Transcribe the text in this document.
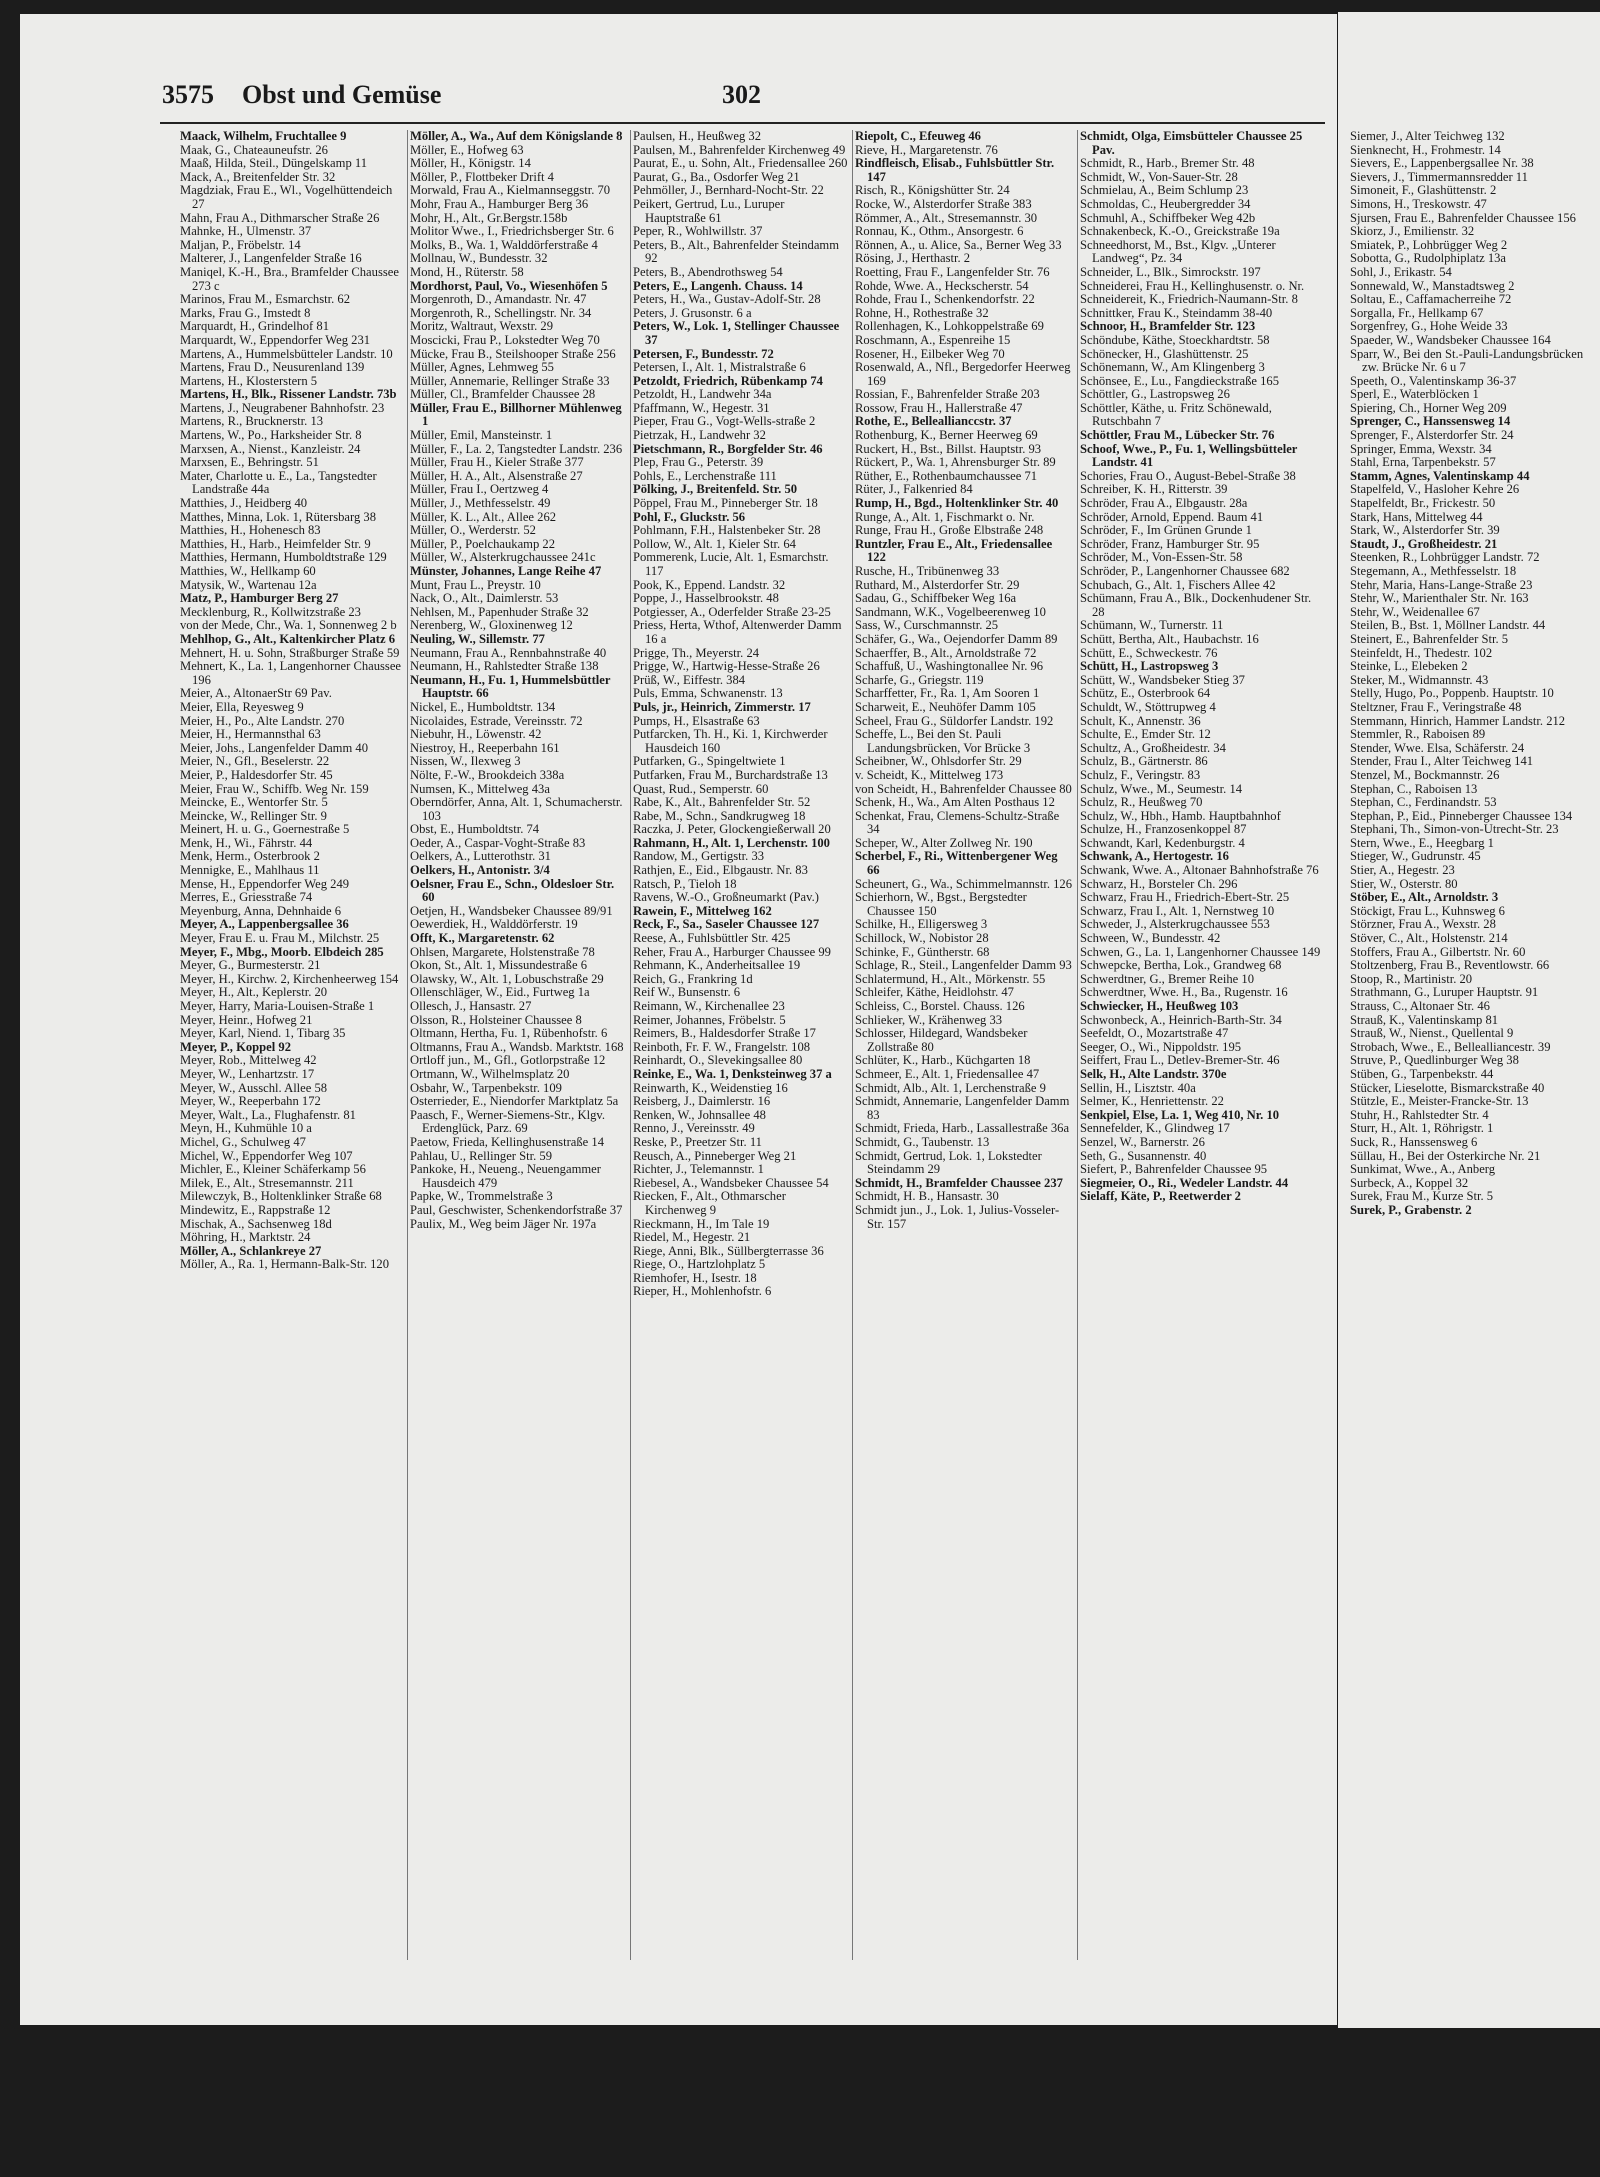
3575 Obst und Gemüse	302

Maack, Wilhelm, Fruchtallee 9

Maak, G., Chateauneufstr. 26

Maaß, Hilda, Steil., Düngelskamp 11

Mack, A., Breitenfelder Str. 32

Magdziak, Frau E., Wl., Vogelhüttendeich 27

Mahn, Frau A., Dithmarscher Straße 26

Mahnke, H., Ulmenstr. 37

Maljan, P., Fröbelstr. 14

Malterer, J., Langenfelder Straße 16

Maniqel, K.-H., Bra., Bramfelder Chaussee 273 c

Marinos, Frau M., Esmarchstr. 62

Marks, Frau G., Imstedt 8

Marquardt, H., Grindelhof 81

Marquardt, W., Eppendorfer Weg 231

Martens, A., Hummelsbütteler Landstr. 10

Martens, Frau D., Neusurenland 139

Martens, H., Klosterstern 5

Martens, H., Blk., Rissener Landstr. 73b

Martens, J., Neugrabener Bahnhofstr. 23

Martens, R., Brucknerstr. 13

Martens, W., Po., Harksheider Str. 8

Marxsen, A., Nienst., Kanzleistr. 24

Marxsen, E., Behringstr. 51

Mater, Charlotte u. E., La., Tangstedter Landstraße 44a

Matthies, J., Heidberg 40

Matthes, Minna, Lok. 1, Rütersbarg 38

Matthies, H., Hohenesch 83

Matthies, H., Harb., Heimfelder Str. 9

Matthies, Hermann, Humboldtstraße 129

Matthies, W., Hellkamp 60

Matysik, W., Wartenau 12a

Matz, P., Hamburger Berg 27

Mecklenburg, R., Kollwitzstraße 23

von der Mede, Chr., Wa. 1, Sonnenweg 2 b

Mehlhop, G., Alt., Kaltenkircher Platz 6

Mehnert, H. u. Sohn, Straßburger Straße 59

Mehnert, K., La. 1, Langenhorner Chaussee 196

Meier, A., AltonaerStr 69 Pav.

Meier, Ella, Reyesweg 9

Meier, H., Po., Alte Landstr. 270

Meier, H., Hermannsthal 63

Meier, Johs., Langenfelder Damm 40

Meier, N., Gfl., Beselerstr. 22

Meier, P., Haldesdorfer Str. 45

Meier, Frau W., Schiffb. Weg Nr. 159

Meincke, E., Wentorfer Str. 5

Meincke, W., Rellinger Str. 9

Meinert, H. u. G., Goernestraße 5

Menk, H., Wi., Fährstr. 44

Menk, Herm., Osterbrook 2

Mennigke, E., Mahlhaus 11

Mense, H., Eppendorfer Weg 249

Merres, E., Griesstraße 74

Meyenburg, Anna, Dehnhaide 6

Meyer, A., Lappenbergsallee 36

Meyer, Frau E. u. Frau M., Milchstr. 25

Meyer, F., Mbg., Moorb. Elbdeich 285

Meyer, G., Burmesterstr. 21

Meyer, H., Kirchw. 2, Kirchenheerweg 154

Meyer, H., Alt., Keplerstr. 20

Meyer, Harry, Maria-Louisen-Straße 1

Meyer, Heinr., Hofweg 21

Meyer, Karl, Niend. 1, Tibarg 35

Meyer, P., Koppel 92

Meyer, Rob., Mittelweg 42

Meyer, W., Lenhartzstr. 17

Meyer, W., Ausschl. Allee 58

Meyer, W., Reeperbahn 172

Meyer, Walt., La., Flughafenstr. 81

Meyn, H., Kuhmühle 10 a

Michel, G., Schulweg 47

Michel, W., Eppendorfer Weg 107

Michler, E., Kleiner Schäferkamp 56

Milek, E., Alt., Stresemannstr. 211

Milewczyk, B., Holtenklinker Straße 68

Mindewitz, E., Rappstraße 12

Mischak, A., Sachsenweg 18d

Möhring, H., Marktstr. 24

Möller, A., Schlankreye 27

Möller, A., Ra. 1, Hermann-Balk-Str. 120

Möller, A., Wa., Auf dem Königslande 8

Möller, E., Hofweg 63

Möller, H., Königstr. 14

Möller, P., Flottbeker Drift 4

Morwald, Frau A., Kielmannseggstr. 70

Mohr, Frau A., Hamburger Berg 36

Mohr, H., Alt., Gr.Bergstr.158b

Molitor Wwe., I., Friedrichsberger Str. 6

Molks, B., Wa. 1, Walddörferstraße 4

Mollnau, W., Bundesstr. 32

Mond, H., Rüterstr. 58

Mordhorst, Paul, Vo., Wiesenhöfen 5

Morgenroth, D., Amandastr. Nr. 47

Morgenroth, R., Schellingstr. Nr. 34

Moritz, Waltraut, Wexstr. 29

Moscicki, Frau P., Lokstedter Weg 70

Mücke, Frau B., Steilshooper Straße 256

Müller, Agnes, Lehmweg 55

Müller, Annemarie, Rellinger Straße 33

Müller, Cl., Bramfelder Chaussee 28

Müller, Frau E., Billhorner Mühlenweg 1

Müller, Emil, Mansteinstr. 1

Müller, F., La. 2, Tangstedter Landstr. 236

Müller, Frau H., Kieler Straße 377

Müller, H. A., Alt., Alsenstraße 27

Müller, Frau I., Oertzweg 4

Müller, J., Methfesselstr. 49

Müller, K. L., Alt., Allee 262

Müller, O., Werderstr. 52

Müller, P., Poelchaukamp 22

Müller, W., Alsterkrugchaussee 241c

Münster, Johannes, Lange Reihe 47

Munt, Frau L., Preystr. 10

Nack, O., Alt., Daimlerstr. 53

Nehlsen, M., Papenhuder Straße 32

Nerenberg, W., Gloxinenweg 12

Neuling, W., Sillemstr. 77

Neumann, Frau A., Rennbahnstraße 40

Neumann, H., Rahlstedter Straße 138

Neumann, H., Fu. 1, Hummelsbüttler Hauptstr. 66

Nickel, E., Humboldtstr. 134

Nicolaides, Estrade, Vereinsstr. 72

Niebuhr, H., Löwenstr. 42

Niestroy, H., Reeperbahn 161

Nissen, W., Ilexweg 3

Nölte, F.-W., Brookdeich 338a

Numsen, K., Mittelweg 43a

Oberndörfer, Anna, Alt. 1, Schumacherstr. 103

Obst, E., Humboldtstr. 74

Oeder, A., Caspar-Voght-Straße 83

Oelkers, A., Lutterothstr. 31

Oelkers, H., Antonistr. 3/4

Oelsner, Frau E., Schn., Oldesloer Str. 60

Oetjen, H., Wandsbeker Chaussee 89/91

Oewerdiek, H., Walddörferstr. 19

Offt, K., Margaretenstr. 62

Ohlsen, Margarete, Holstenstraße 78

Okon, St., Alt. 1, Missundestraße 6

Olawsky, W., Alt. 1, Lobuschstraße 29

Ollenschläger, W., Eid., Furtweg 1a

Ollesch, J., Hansastr. 27

Olsson, R., Holsteiner Chaussee 8

Oltmann, Hertha, Fu. 1, Rübenhofstr. 6

Oltmanns, Frau A., Wandsb. Marktstr. 168

Ortloff jun., M., Gfl., Gotlorpstraße 12

Ortmann, W., Wilhelmsplatz 20

Osbahr, W., Tarpenbekstr. 109

Osterrieder, E., Niendorfer Marktplatz 5a

Paasch, F., Werner-Siemens-Str., Klgv. Erdenglück, Parz. 69

Paetow, Frieda, Kellinghusenstraße 14

Pahlau, U., Rellinger Str. 59

Pankoke, H., Neueng., Neuengammer Hausdeich 479

Papke, W., Trommelstraße 3

Paul, Geschwister, Schenkendorfstraße 37

Paulix, M., Weg beim Jäger Nr. 197a

Paulsen, H., Heußweg 32

Paulsen, M., Bahrenfelder Kirchenweg 49

Paurat, E., u. Sohn, Alt., Friedensallee 260

Paurat, G., Ba., Osdorfer Weg 21

Pehmöller, J., Bernhard-Nocht-Str. 22

Peikert, Gertrud, Lu., Luruper Hauptstraße 61

Peper, R., Wohlwillstr. 37

Peters, B., Alt., Bahrenfelder Steindamm 92

Peters, B., Abendrothsweg 54

Peters, E., Langenh. Chauss. 14

Peters, H., Wa., Gustav-Adolf-Str. 28

Peters, J. Grusonstr. 6 a

Peters, W., Lok. 1, Stellinger Chaussee 37

Petersen, F., Bundesstr. 72

Petersen, I., Alt. 1, Mistralstraße 6

Petzoldt, Friedrich, Rübenkamp 74

Petzoldt, H., Landwehr 34a

Pfaffmann, W., Hegestr. 31

Pieper, Frau G., Vogt-Wells-straße 2

Pietrzak, H., Landwehr 32

Pietschmann, R., Borgfelder Str. 46

Plep, Frau G., Peterstr. 39

Pohls, E., Lerchenstraße 111

Pölking, J., Breitenfeld. Str. 50

Pöppel, Frau M., Pinneberger Str. 18

Pohl, F., Gluckstr. 56

Pohlmann, F.H., Halstenbeker Str. 28

Pollow, W., Alt. 1, Kieler Str. 64

Pommerenk, Lucie, Alt. 1, Esmarchstr. 117

Pook, K., Eppend. Landstr. 32

Poppe, J., Hasselbrookstr. 48

Potgiesser, A., Oderfelder Straße 23-25

Priess, Herta, Wthof, Altenwerder Damm 16 a

Prigge, Th., Meyerstr. 24

Prigge, W., Hartwig-Hesse-Straße 26

Prüß, W., Eiffestr. 384

Puls, Emma, Schwanenstr. 13

Puls, jr., Heinrich, Zimmerstr. 17

Pumps, H., Elsastraße 63

Putfarcken, Th. H., Ki. 1, Kirchwerder Hausdeich 160

Putfarken, G., Spingeltwiete 1

Putfarken, Frau M., Burchardstraße 13

Quast, Rud., Semperstr. 60

Rabe, K., Alt., Bahrenfelder Str. 52

Rabe, M., Schn., Sandkrugweg 18

Raczka, J. Peter, Glockengießerwall 20

Rahmann, H., Alt. 1, Lerchenstr. 100

Randow, M., Gertigstr. 33

Rathjen, E., Eid., Elbgaustr. Nr. 83

Ratsch, P., Tieloh 18

Ravens, W.-O., Großneumarkt (Pav.)

Rawein, F., Mittelweg 162

Reck, F., Sa., Saseler Chaussee 127

Reese, A., Fuhlsbüttler Str. 425

Reher, Frau A., Harburger Chaussee 99

Rehmann, K., Anderheitsallee 19

Reich, G., Frankring 1d

Reif W., Bunsenstr. 6

Reimann, W., Kirchenallee 23

Reimer, Johannes, Fröbelstr. 5

Reimers, B., Haldesdorfer Straße 17

Reinboth, Fr. F. W., Frangelstr. 108

Reinhardt, O., Slevekingsallee 80

Reinke, E., Wa. 1, Denksteinweg 37 a

Reinwarth, K., Weidenstieg 16

Reisberg, J., Daimlerstr. 16

Renken, W., Johnsallee 48

Renno, J., Vereinsstr. 49

Reske, P., Preetzer Str. 11

Reusch, A., Pinneberger Weg 21

Richter, J., Telemannstr. 1

Riebesel, A., Wandsbeker Chaussee 54

Riecken, F., Alt., Othmarscher Kirchenweg 9

Rieckmann, H., Im Tale 19

Riedel, M., Hegestr. 21

Riege, Anni, Blk., Süllbergterrasse 36

Riege, O., Hartzlohplatz 5

Riemhofer, H., Isestr. 18

Rieper, H., Mohlenhofstr. 6

Riepolt, C., Efeuweg 46

Rieve, H., Margaretenstr. 76

Rindfleisch, Elisab., Fuhlsbüttler Str. 147

Risch, R., Königshütter Str. 24

Rocke, W., Alsterdorfer Straße 383

Römmer, A., Alt., Stresemannstr. 30

Ronnau, K., Othm., Ansorgestr. 6

Rönnen, A., u. Alice, Sa., Berner Weg 33

Rösing, J., Herthastr. 2

Roetting, Frau F., Langenfelder Str. 76

Rohde, Wwe. A., Heckscherstr. 54

Rohde, Frau I., Schenkendorfstr. 22

Rohne, H., Rothestraße 32

Rollenhagen, K., Lohkoppelstraße 69

Roschmann, A., Espenreihe 15

Rosener, H., Eilbeker Weg 70

Rosenwald, A., Nfl., Bergedorfer Heerweg 169

Rossian, F., Bahrenfelder Straße 203

Rossow, Frau H., Hallerstraße 47

Rothe, E., Belleallianccstr. 37

Rothenburg, K., Berner Heerweg 69

Ruckert, H., Bst., Billst. Hauptstr. 93

Rückert, P., Wa. 1, Ahrensburger Str. 89

Rüther, E., Rothenbaumchaussee 71

Rüter, J., Falkenried 84

Rump, H., Bgd., Holtenklinker Str. 40

Runge, A., Alt. 1, Fischmarkt o. Nr.

Runge, Frau H., Große Elbstraße 248

Runtzler, Frau E., Alt., Friedensallee 122

Rusche, H., Tribünenweg 33

Ruthard, M., Alsterdorfer Str. 29

Sadau, G., Schiffbeker Weg 16a

Sandmann, W.K., Vogelbeerenweg 10

Sass, W., Curschmannstr. 25

Schäfer, G., Wa., Oejendorfer Damm 89

Schaerffer, B., Alt., Arnoldstraße 72

Schaffuß, U., Washingtonallee Nr. 96

Scharfe, G., Griegstr. 119

Scharffetter, Fr., Ra. 1, Am Sooren 1

Scharweit, E., Neuhöfer Damm 105

Scheel, Frau G., Süldorfer Landstr. 192

Scheffe, L., Bei den St. Pauli Landungsbrücken, Vor Brücke 3

Scheibner, W., Ohlsdorfer Str. 29

v. Scheidt, K., Mittelweg 173

von Scheidt, H., Bahrenfelder Chaussee 80

Schenk, H., Wa., Am Alten Posthaus 12

Schenkat, Frau, Clemens-Schultz-Straße 34

Scheper, W., Alter Zollweg Nr. 190

Scherbel, F., Ri., Wittenbergener Weg 66

Scheunert, G., Wa., Schimmelmannstr. 126

Schierhorn, W., Bgst., Bergstedter Chaussee 150

Schilke, H., Elligersweg 3

Schillock, W., Nobistor 28

Schinke, F., Güntherstr. 68

Schlage, R., Steil., Langenfelder Damm 93

Schlatermund, H., Alt., Mörkenstr. 55

Schleifer, Käthe, Heidlohstr. 47

Schleiss, C., Borstel. Chauss. 126

Schlieker, W., Krähenweg 33

Schlosser, Hildegard, Wandsbeker Zollstraße 80

Schlüter, K., Harb., Küchgarten 18

Schmeer, E., Alt. 1, Friedensallee 47

Schmidt, Alb., Alt. 1, Lerchenstraße 9

Schmidt, Annemarie, Langenfelder Damm 83

Schmidt, Frieda, Harb., Lassallestraße 36a

Schmidt, G., Taubenstr. 13

Schmidt, Gertrud, Lok. 1, Lokstedter Steindamm 29

Schmidt, H., Bramfelder Chaussee 237

Schmidt, H. B., Hansastr. 30

Schmidt jun., J., Lok. 1, Julius-Vosseler-Str. 157

Schmidt, Olga, Eimsbütteler Chaussee 25 Pav.

Schmidt, R., Harb., Bremer Str. 48

Schmidt, W., Von-Sauer-Str. 28

Schmielau, A., Beim Schlump 23

Schmoldas, C., Heubergredder 34

Schmuhl, A., Schiffbeker Weg 42b

Schnakenbeck, K.-O., Greickstraße 19a

Schneedhorst, M., Bst., Klgv. „Unterer Landweg“, Pz. 34

Schneider, L., Blk., Simrockstr. 197

Schneiderei, Frau H., Kellinghusenstr. o. Nr.

Schneidereit, K., Friedrich-Naumann-Str. 8

Schnittker, Frau K., Steindamm 38-40

Schnoor, H., Bramfelder Str. 123

Schöndube, Käthe, Stoeckhardtstr. 58

Schönecker, H., Glashüttenstr. 25

Schönemann, W., Am Klingenberg 3

Schönsee, E., Lu., Fangdieckstraße 165

Schöttler, G., Lastropsweg 26

Schöttler, Käthe, u. Fritz Schönewald, Rutschbahn 7

Schöttler, Frau M., Lübecker Str. 76

Schoof, Wwe., P., Fu. 1, Wellingsbütteler Landstr. 41

Schories, Frau O., August-Bebel-Straße 38

Schreiber, K. H., Ritterstr. 39

Schröder, Frau A., Elbgaustr. 28a

Schröder, Arnold, Eppend. Baum 41

Schröder, F., Im Grünen Grunde 1

Schröder, Franz, Hamburger Str. 95

Schröder, M., Von-Essen-Str. 58

Schröder, P., Langenhorner Chaussee 682

Schubach, G., Alt. 1, Fischers Allee 42

Schümann, Frau A., Blk., Dockenhudener Str. 28

Schümann, W., Turnerstr. 11

Schütt, Bertha, Alt., Haubachstr. 16

Schütt, E., Schweckestr. 76

Schütt, H., Lastropsweg 3

Schütt, W., Wandsbeker Stieg 37

Schütz, E., Osterbrook 64

Schuldt, W., Stöttrupweg 4

Schult, K., Annenstr. 36

Schulte, E., Emder Str. 12

Schultz, A., Großheidestr. 34

Schulz, B., Gärtnerstr. 86

Schulz, F., Veringstr. 83

Schulz, Wwe., M., Seumestr. 14

Schulz, R., Heußweg 70

Schulz, W., Hbh., Hamb. Hauptbahnhof

Schulze, H., Franzosenkoppel 87

Schwandt, Karl, Kedenburgstr. 4

Schwank, A., Hertogestr. 16

Schwank, Wwe. A., Altonaer Bahnhofstraße 76

Schwarz, H., Borsteler Ch. 296

Schwarz, Frau H., Friedrich-Ebert-Str. 25

Schwarz, Frau I., Alt. 1, Nernstweg 10

Schweder, J., Alsterkrugchaussee 553

Schween, W., Bundesstr. 42

Schwen, G., La. 1, Langenhorner Chaussee 149

Schwepcke, Bertha, Lok., Grandweg 68

Schwerdtner, G., Bremer Reihe 10

Schwerdtner, Wwe. H., Ba., Rugenstr. 16

Schwiecker, H., Heußweg 103

Schwonbeck, A., Heinrich-Barth-Str. 34

Seefeldt, O., Mozartstraße 47

Seeger, O., Wi., Nippoldstr. 195

Seiffert, Frau L., Detlev-Bremer-Str. 46

Selk, H., Alte Landstr. 370e

Sellin, H., Lisztstr. 40a

Selmer, K., Henriettenstr. 22

Senkpiel, Else, La. 1, Weg 410, Nr. 10

Sennefelder, K., Glindweg 17

Senzel, W., Barnerstr. 26

Seth, G., Susannenstr. 40

Siefert, P., Bahrenfelder Chaussee 95

Siegmeier, O., Ri., Wedeler Landstr. 44

Sielaff, Käte, P., Reetwerder 2

Siemer, J., Alter Teichweg 132

Sienknecht, H., Frohmestr. 14

Sievers, E., Lappenbergsallee Nr. 38

Sievers, J., Timmermannsredder 11

Simoneit, F., Glashüttenstr. 2

Simons, H., Treskowstr. 47

Sjursen, Frau E., Bahrenfelder Chaussee 156

Skiorz, J., Emilienstr. 32

Smiatek, P., Lohbrügger Weg 2

Sobotta, G., Rudolphiplatz 13a

Sohl, J., Erikastr. 54

Sonnewald, W., Manstadtsweg 2

Soltau, E., Caffamacherreihe 72

Sorgalla, Fr., Hellkamp 67

Sorgenfrey, G., Hohe Weide 33

Spaeder, W., Wandsbeker Chaussee 164

Sparr, W., Bei den St.-Pauli-Landungsbrücken zw. Brücke Nr. 6 u 7

Speeth, O., Valentinskamp 36-37

Sperl, E., Waterblöcken 1

Spiering, Ch., Horner Weg 209

Sprenger, C., Hanssensweg 14

Sprenger, F., Alsterdorfer Str. 24

Springer, Emma, Wexstr. 34

Stahl, Erna, Tarpenbekstr. 57

Stamm, Agnes, Valentinskamp 44

Stapelfeld, V., Hasloher Kehre 26

Stapelfeldt, Br., Frickestr. 50

Stark, Hans, Mittelweg 44

Stark, W., Alsterdorfer Str. 39

Staudt, J., Großheidestr. 21

Steenken, R., Lohbrügger Landstr. 72

Stegemann, A., Methfesselstr. 18

Stehr, Maria, Hans-Lange-Straße 23

Stehr, W., Marienthaler Str. Nr. 163

Stehr, W., Weidenallee 67

Steilen, B., Bst. 1, Möllner Landstr. 44

Steinert, E., Bahrenfelder Str. 5

Steinfeldt, H., Thedestr. 102

Steinke, L., Elebeken 2

Steker, M., Widmannstr. 43

Stelly, Hugo, Po., Poppenb. Hauptstr. 10

Steltzner, Frau F., Veringstraße 48

Stemmann, Hinrich, Hammer Landstr. 212

Stemmler, R., Raboisen 89

Stender, Wwe. Elsa, Schäferstr. 24

Stender, Frau I., Alter Teichweg 141

Stenzel, M., Bockmannstr. 26

Stephan, C., Raboisen 13

Stephan, C., Ferdinandstr. 53

Stephan, P., Eid., Pinneberger Chaussee 134

Stephani, Th., Simon-von-Utrecht-Str. 23

Stern, Wwe., E., Heegbarg 1

Stieger, W., Gudrunstr. 45

Stier, A., Hegestr. 23

Stier, W., Osterstr. 80

Stöber, E., Alt., Arnoldstr. 3

Stöckigt, Frau L., Kuhnsweg 6

Störzner, Frau A., Wexstr. 28

Stöver, C., Alt., Holstenstr. 214

Stoffers, Frau A., Gilbertstr. Nr. 60

Stoltzenberg, Frau B., Reventlowstr. 66

Stoop, R., Martinistr. 20

Strathmann, G., Luruper Hauptstr. 91

Strauss, C., Altonaer Str. 46

Strauß, K., Valentinskamp 81

Strauß, W., Nienst., Quellental 9

Strobach, Wwe., E., Bellealliancestr. 39

Struve, P., Quedlinburger Weg 38

Stüben, G., Tarpenbekstr. 44

Stücker, Lieselotte, Bismarckstraße 40

Stützle, E., Meister-Francke-Str. 13

Stuhr, H., Rahlstedter Str. 4

Sturr, H., Alt. 1, Röhrigstr. 1

Suck, R., Hanssensweg 6

Süllau, H., Bei der Osterkirche Nr. 21

Sunkimat, Wwe., A., Anberg

Surbeck, A., Koppel 32

Surek, Frau M., Kurze Str. 5

Surek, P., Grabenstr. 2
